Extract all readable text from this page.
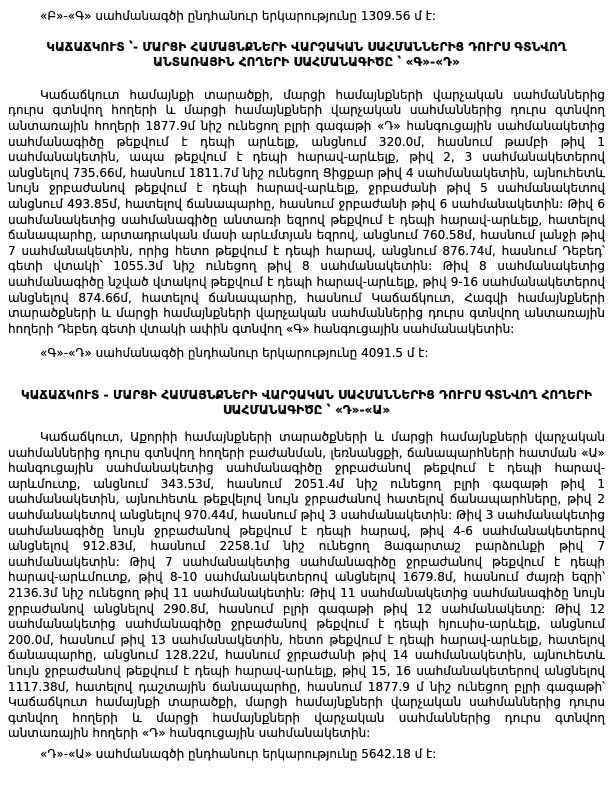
«Բ»-«Գ» սահմանագծի ընդհանուր երկարությունը 1309.56 մ է:

ԿԱՃԱՃԿՈՒՏ ՝- ՄԱՐՑԻ ՀԱՄԱՅՆՔՆԵՐԻ ՎԱՐՉԱԿԱՆ ՍԱՀՄԱՆՆԵՐԻՑ ԴՈՒՐՍ ԳՏՆՎՈՂ ԱՆՏԱՌԱՅԻՆ ՀՈՂԵՐԻ ՍԱՀՄԱՆԱԳԻԾԸ ՝ «Գ»-«Դ»

Կաճաճկուտ համայնքի տարածքի, մարցի համայնքների վարչական սահմաններից դուրս գտնվող հողերի և մարցի համայնքների վարչական սահմաններից դուրս գտնվող անտառային հողերի 1877.9մ նիշ ունեցող բլրի գագաթի «Դ» հանգուցային սահմանակետից սահմանագիծը թեքվում է դեպի արևելք, անցնում 320.0մ, հասնում թամբի թիվ 1 սահմանակետին, ապա թեքվում է դեպի հարավ-արևելք, թիվ 2, 3 սահմանակետերով անցնելով 735.66մ, հասնում 1811.7մ նիշ ունեցող Ցիցքար թիվ 4 սահմանակետին, այնուհետև նույն ջրբաժանով թեքվում է դեպի հարավ-արևելք, ջրբաժանի թիվ 5 սահմանակետով անցնում 493.85մ, հատելով ճանապարհը, հասնում ջրբաժանի թիվ 6 սահմանակետին: Թիվ 6 սահմանակետից սահմանագիծը անտառի եզրով թեքվում է դեպի հարավ-արևելք, հատելով ճանապարհը, արտադրական մասի արևմտյան եզրով, անցնում 760.58մ, հասնում լանջի թիվ 7 սահմանակետին, որից հետո թեքվում է դեպի հարավ, անցնում 876.74մ, հասնում Դեբեդ՝ գետի վտակի՝ 1055.3մ նիշ ունեցող թիվ 8 սահմանակետին: Թիվ 8 սահմանակետից սահմանագիծը նշված վտակով թեքվում է դեպի հարավ-արևելք, թիվ 9-16 սահմանակետերով անցնելով 874.66մ, հատելով ճանապարհը, հասնում Կաճաճկուտ, Հագվի համայնքների տարածքների և մարցի համայնքների վարչական սահմաններից դուրս գտնվող անտառային հողերի Դեբեդ գետի վտակի ափին գտնվող «Գ» հանգուցային սահմանակետին:

«Գ»-«Դ» սահմանագծի ընդհանուր երկարությունը 4091.5 մ է:

ԿԱՃԱՃԿՈՒՏ - ՄԱՐՑԻ ՀԱՄԱՅՆՔՆԵՐԻ ՎԱՐՉԱԿԱՆ ՍԱՀՄԱՆՆԵՐԻՑ ԴՈՒՐՍ ԳՏՆՎՈՂ ՀՈՂԵՐԻ ՍԱՀՄԱՆԱԳԻԾԸ ՝ «Դ»-«Ա»

Կաճաճկուտ, Աքորիի համայնքների տարածքների և մարցի համայնքների վարչական սահմաններից դուրս գտնվող հողերի բաժանման, լեռնանցքի, ճանապարհների հատման «Ա» հանգուցային սահմանակետից սահմանագիծը ջրբաժանով թեքվում է դեպի հարավ-արևմուտք, անցնում 343.53մ, հասնում 2051.4մ նիշ ունեցող բլրի գագաթի թիվ 1 սահմանակետին, այնուհետև թեքվելով նույն ջրբաժանով հատելով ճանապարհները, թիվ 2 սահմանակետով անցնելով 970.44մ, հասնում թիվ 3 սահմանակետին: Թիվ 3 սահմանակետից սահմանագիծը նույն ջրբաժանով թեքվում է դեպի հարավ, թիվ 4-6 սահմանակետերով անցնելով 912.83մ, հասնում 2258.1մ նիշ ունեցող Յագարտաշ բարձունքի թիվ 7 սահմանակետին: Թիվ 7 սահմանակետից սահմանագիծը ջրբաժանով թեքվում է դեպի հարավ-արևմուտք, թիվ 8-10 սահմանակետերով անցնելով 1679.8մ, հասնում ժայռի եզրի՝ 2136.3մ նիշ ունեցող թիվ 11 սահմանակետին: Թիվ 11 սահմանակետից սահմանագիծը նույն ջրբաժանով անցնելով 290.8մ, հասնում բլրի գագաթի թիվ 12 սահմանակետը: Թիվ 12 սահմանակետից սահմանագիծը ջրբաժանով թեքվում է դեպի հյուսիս-արևելք, անցնում 200.0մ, հասնում թիվ 13 սահմանակետին, հետո թեքվում է դեպի հարավ-արևելք, հատելով ճանապարհը, անցնում 128.22մ, հասնում ջրբաժանի թիվ 14 սահմանակետին, այնուհետև նույն ջրբաժանով թեքվում է դեպի հարավ-արևելք, թիվ 15, 16 սահմանակետերով անցնելով 1117.38մ, հատելով դաշտային ճանապարհը, հասնում 1877.9 մ նիշ ունեցող բլրի գագաթի՝ Կաճաճկուտ համայնքի տարածքի, մարցի համայնքների վարչական սահմաններից դուրս գտնվող հողերի և մարցի համայնքների վարչական սահմաններից դուրս գտնվող անտառային հողերի «Դ» հանգուցային սահմանակետին:

«Դ»-«Ա» սահմանագծի ընդհանուր երկարությունը 5642.18 մ է:
